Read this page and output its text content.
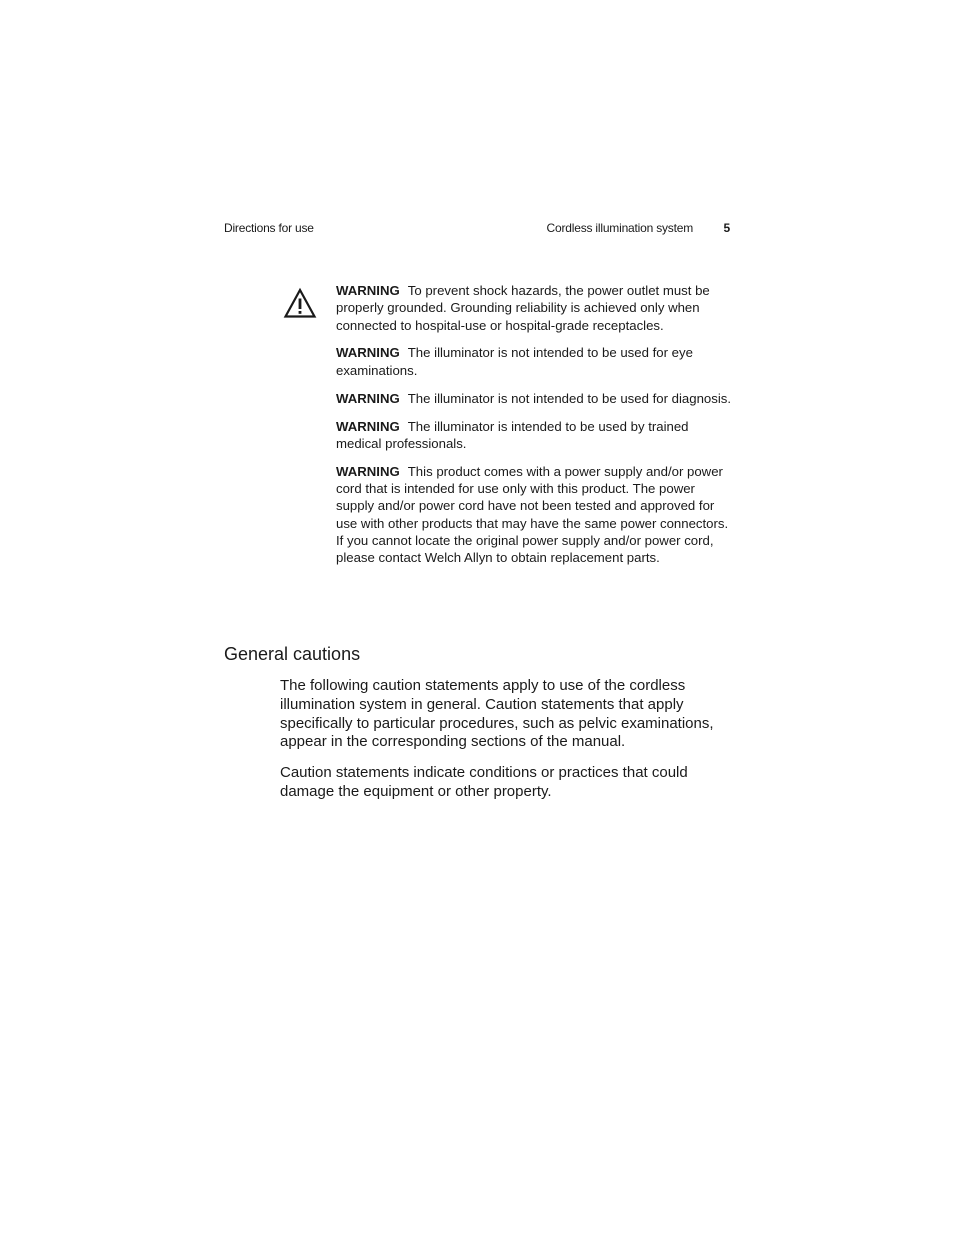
Directions for use	Cordless illumination system	5

WARNING To prevent shock hazards, the power outlet must be properly grounded. Grounding reliability is achieved only when connected to hospital-use or hospital-grade receptacles.

WARNING The illuminator is not intended to be used for eye examinations.

WARNING The illuminator is not intended to be used for diagnosis.

WARNING The illuminator is intended to be used by trained medical professionals.

WARNING This product comes with a power supply and/or power cord that is intended for use only with this product. The power supply and/or power cord have not been tested and approved for use with other products that may have the same power connectors. If you cannot locate the original power supply and/or power cord, please contact Welch Allyn to obtain replacement parts.

General cautions

The following caution statements apply to use of the cordless illumination system in general. Caution statements that apply specifically to particular procedures, such as pelvic examinations, appear in the corresponding sections of the manual.

Caution statements indicate conditions or practices that could damage the equipment or other property.
